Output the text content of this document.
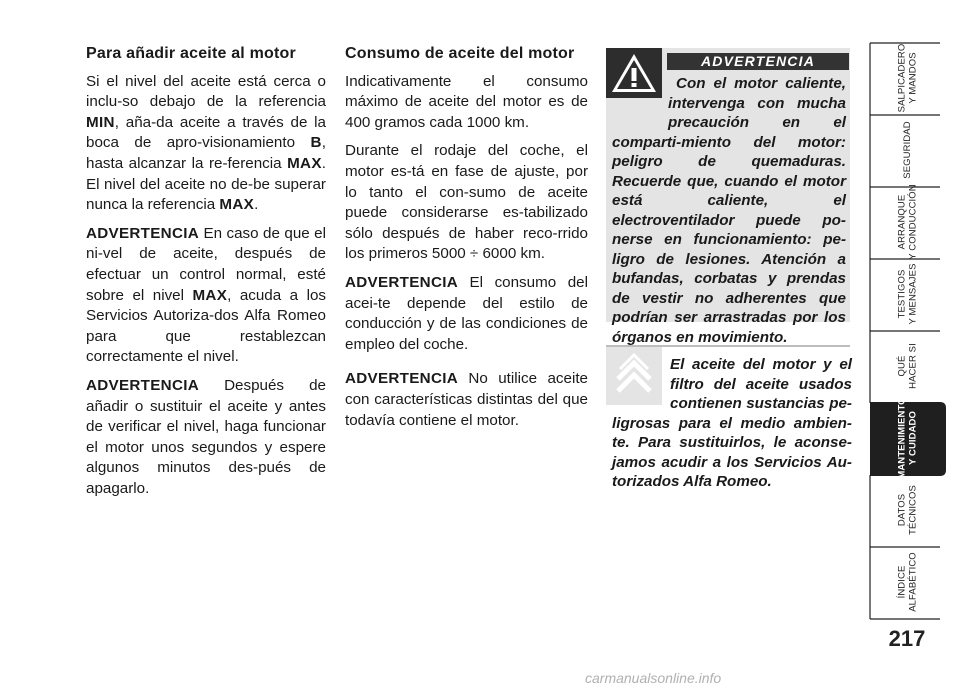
Para añadir aceite al motor

Si el nivel del aceite está cerca o inclu-so debajo de la referencia MIN, aña-da aceite a través de la boca de apro-visionamiento B, hasta alcanzar la re-ferencia MAX. El nivel del aceite no de-be superar nunca la referencia MAX.

ADVERTENCIA En caso de que el ni-vel de aceite, después de efectuar un control normal, esté sobre el nivel MAX, acuda a los Servicios Autoriza-dos Alfa Romeo para que restablezcan correctamente el nivel.

ADVERTENCIA Después de añadir o sustituir el aceite y antes de verificar el nivel, haga funcionar el motor unos segundos y espere algunos minutos des-pués de apagarlo.

Consumo de aceite del motor

Indicativamente el consumo máximo de aceite del motor es de 400 gramos cada 1000 km.

Durante el rodaje del coche, el motor es-tá en fase de ajuste, por lo tanto el con-sumo de aceite puede considerarse es-tabilizado sólo después de haber reco-rrido los primeros 5000 ÷ 6000 km.

ADVERTENCIA El consumo del acei-te depende del estilo de conducción y de las condiciones de empleo del coche.

ADVERTENCIA No utilice aceite con características distintas del que todavía contiene el motor.

ADVERTENCIA
Con el motor caliente, intervenga con mucha precaución en el comparti-miento del motor: peligro de quemaduras. Recuerde que, cuando el motor está caliente, el electroventilador puede po-nerse en funcionamiento: pe-ligro de lesiones. Atención a bufandas, corbatas y prendas de vestir no adherentes que podrían ser arrastradas por los órganos en movimiento.
El aceite del motor y el filtro del aceite usados contienen sustancias pe-ligrosas para el medio ambien-te. Para sustituirlos, le aconse-jamos acudir a los Servicios Au-torizados Alfa Romeo.
SALPICADERO
Y MANDOS
SEGURIDAD

ARRANQUE
Y CONDUCCIÓN
TESTIGOS
Y MENSAJES
QUÉ
HACER SI
MANTENIMIENTO
Y CUIDADO
DATOS
TÉCNICOS
ÍNDICE
ALFABÉTICO
217
carmanualsonline.info
